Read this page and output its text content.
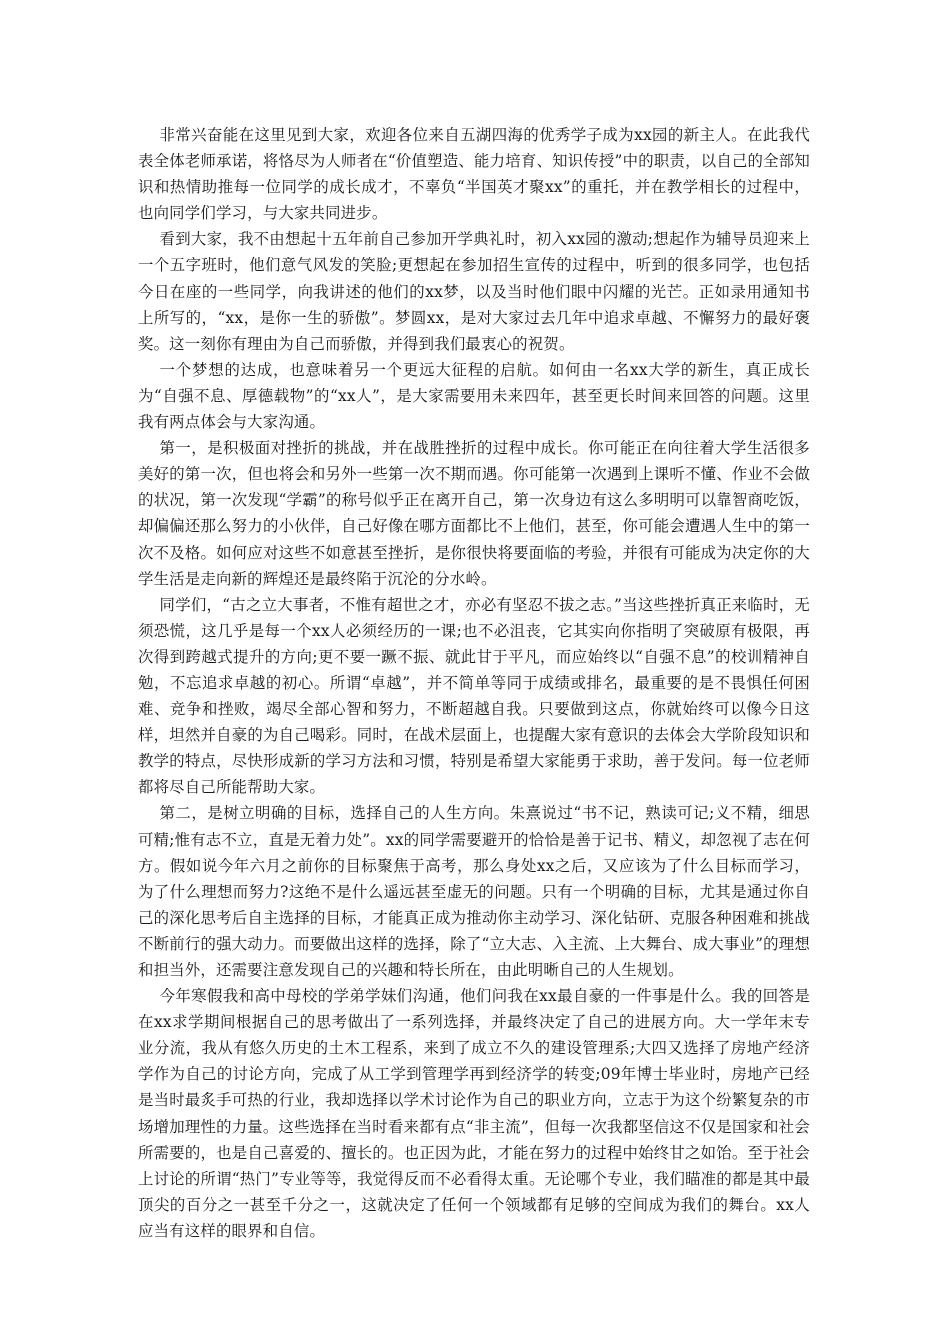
非常兴奋能在这里见到大家，欢迎各位来自五湖四海的优秀学子成为xx园的新主人。在此我代表全体老师承诺，将恪尽为人师者在“价值塑造、能力培育、知识传授”中的职责，以自己的全部知识和热情助推每一位同学的成长成才，不辜负“半国英才聚xx”的重托，并在教学相长的过程中，也向同学们学习，与大家共同进步。

看到大家，我不由想起十五年前自己参加开学典礼时，初入xx园的激动;想起作为辅导员迎来上一个五字班时，他们意气风发的笑脸;更想起在参加招生宣传的过程中，听到的很多同学，也包括今日在座的一些同学，向我讲述的他们的xx梦，以及当时他们眼中闪耀的光芒。正如录用通知书上所写的，“xx，是你一生的骄傲”。梦圆xx，是对大家过去几年中追求卓越、不懈努力的最好褒奖。这一刻你有理由为自己而骄傲，并得到我们最衷心的祝贺。

一个梦想的达成，也意味着另一个更远大征程的启航。如何由一名xx大学的新生，真正成长为“自强不息、厚德载物”的“xx人”，是大家需要用未来四年，甚至更长时间来回答的问题。这里我有两点体会与大家沟通。

第一，是积极面对挫折的挑战，并在战胜挫折的过程中成长。你可能正在向往着大学生活很多美好的第一次，但也将会和另外一些第一次不期而遇。你可能第一次遇到上课听不懂、作业不会做的状况，第一次发现“学霸”的称号似乎正在离开自己，第一次身边有这么多明明可以靠智商吃饭，却偏偏还那么努力的小伙伴，自己好像在哪方面都比不上他们，甚至，你可能会遭遇人生中的第一次不及格。如何应对这些不如意甚至挫折，是你很快将要面临的考验，并很有可能成为决定你的大学生活是走向新的辉煌还是最终陷于沉沦的分水岭。

同学们，“古之立大事者，不惟有超世之才，亦必有坚忍不拔之志。”当这些挫折真正来临时，无须恐慌，这几乎是每一个xx人必须经历的一课;也不必沮丧，它其实向你指明了突破原有极限，再次得到跨越式提升的方向;更不要一蹶不振、就此甘于平凡，而应始终以“自强不息”的校训精神自勉，不忘追求卓越的初心。所谓“卓越”，并不简单等同于成绩或排名，最重要的是不畏惧任何困难、竞争和挫败，竭尽全部心智和努力，不断超越自我。只要做到这点，你就始终可以像今日这样，坦然并自豪的为自己喝彩。同时，在战术层面上，也提醒大家有意识的去体会大学阶段知识和教学的特点，尽快形成新的学习方法和习惯，特别是希望大家能勇于求助，善于发问。每一位老师都将尽自己所能帮助大家。

第二，是树立明确的目标，选择自己的人生方向。朱熹说过“书不记，熟读可记;义不精，细思可精;惟有志不立，直是无着力处”。xx的同学需要避开的恰恰是善于记书、精义，却忽视了志在何方。假如说今年六月之前你的目标聚焦于高考，那么身处xx之后，又应该为了什么目标而学习，为了什么理想而努力?这绝不是什么遥远甚至虚无的问题。只有一个明确的目标，尤其是通过你自己的深化思考后自主选择的目标，才能真正成为推动你主动学习、深化钻研、克服各种困难和挑战不断前行的强大动力。而要做出这样的选择，除了“立大志、入主流、上大舞台、成大事业”的理想和担当外，还需要注意发现自己的兴趣和特长所在，由此明晰自己的人生规划。

今年寒假我和高中母校的学弟学妹们沟通，他们问我在xx最自豪的一件事是什么。我的回答是在xx求学期间根据自己的思考做出了一系列选择，并最终决定了自己的进展方向。大一学年末专业分流，我从有悠久历史的土木工程系，来到了成立不久的建设管理系;大四又选择了房地产经济学作为自己的讨论方向，完成了从工学到管理学再到经济学的转变;09年博士毕业时，房地产已经是当时最炙手可热的行业，我却选择以学术讨论作为自己的职业方向，立志于为这个纷繁复杂的市场增加理性的力量。这些选择在当时看来都有点“非主流”，但每一次我都坚信这不仅是国家和社会所需要的，也是自己喜爱的、擅长的。也正因为此，才能在努力的过程中始终甘之如饴。至于社会上讨论的所谓“热门”专业等等，我觉得反而不必看得太重。无论哪个专业，我们瞄准的都是其中最顶尖的百分之一甚至千分之一，这就决定了任何一个领域都有足够的空间成为我们的舞台。xx人应当有这样的眼界和自信。
